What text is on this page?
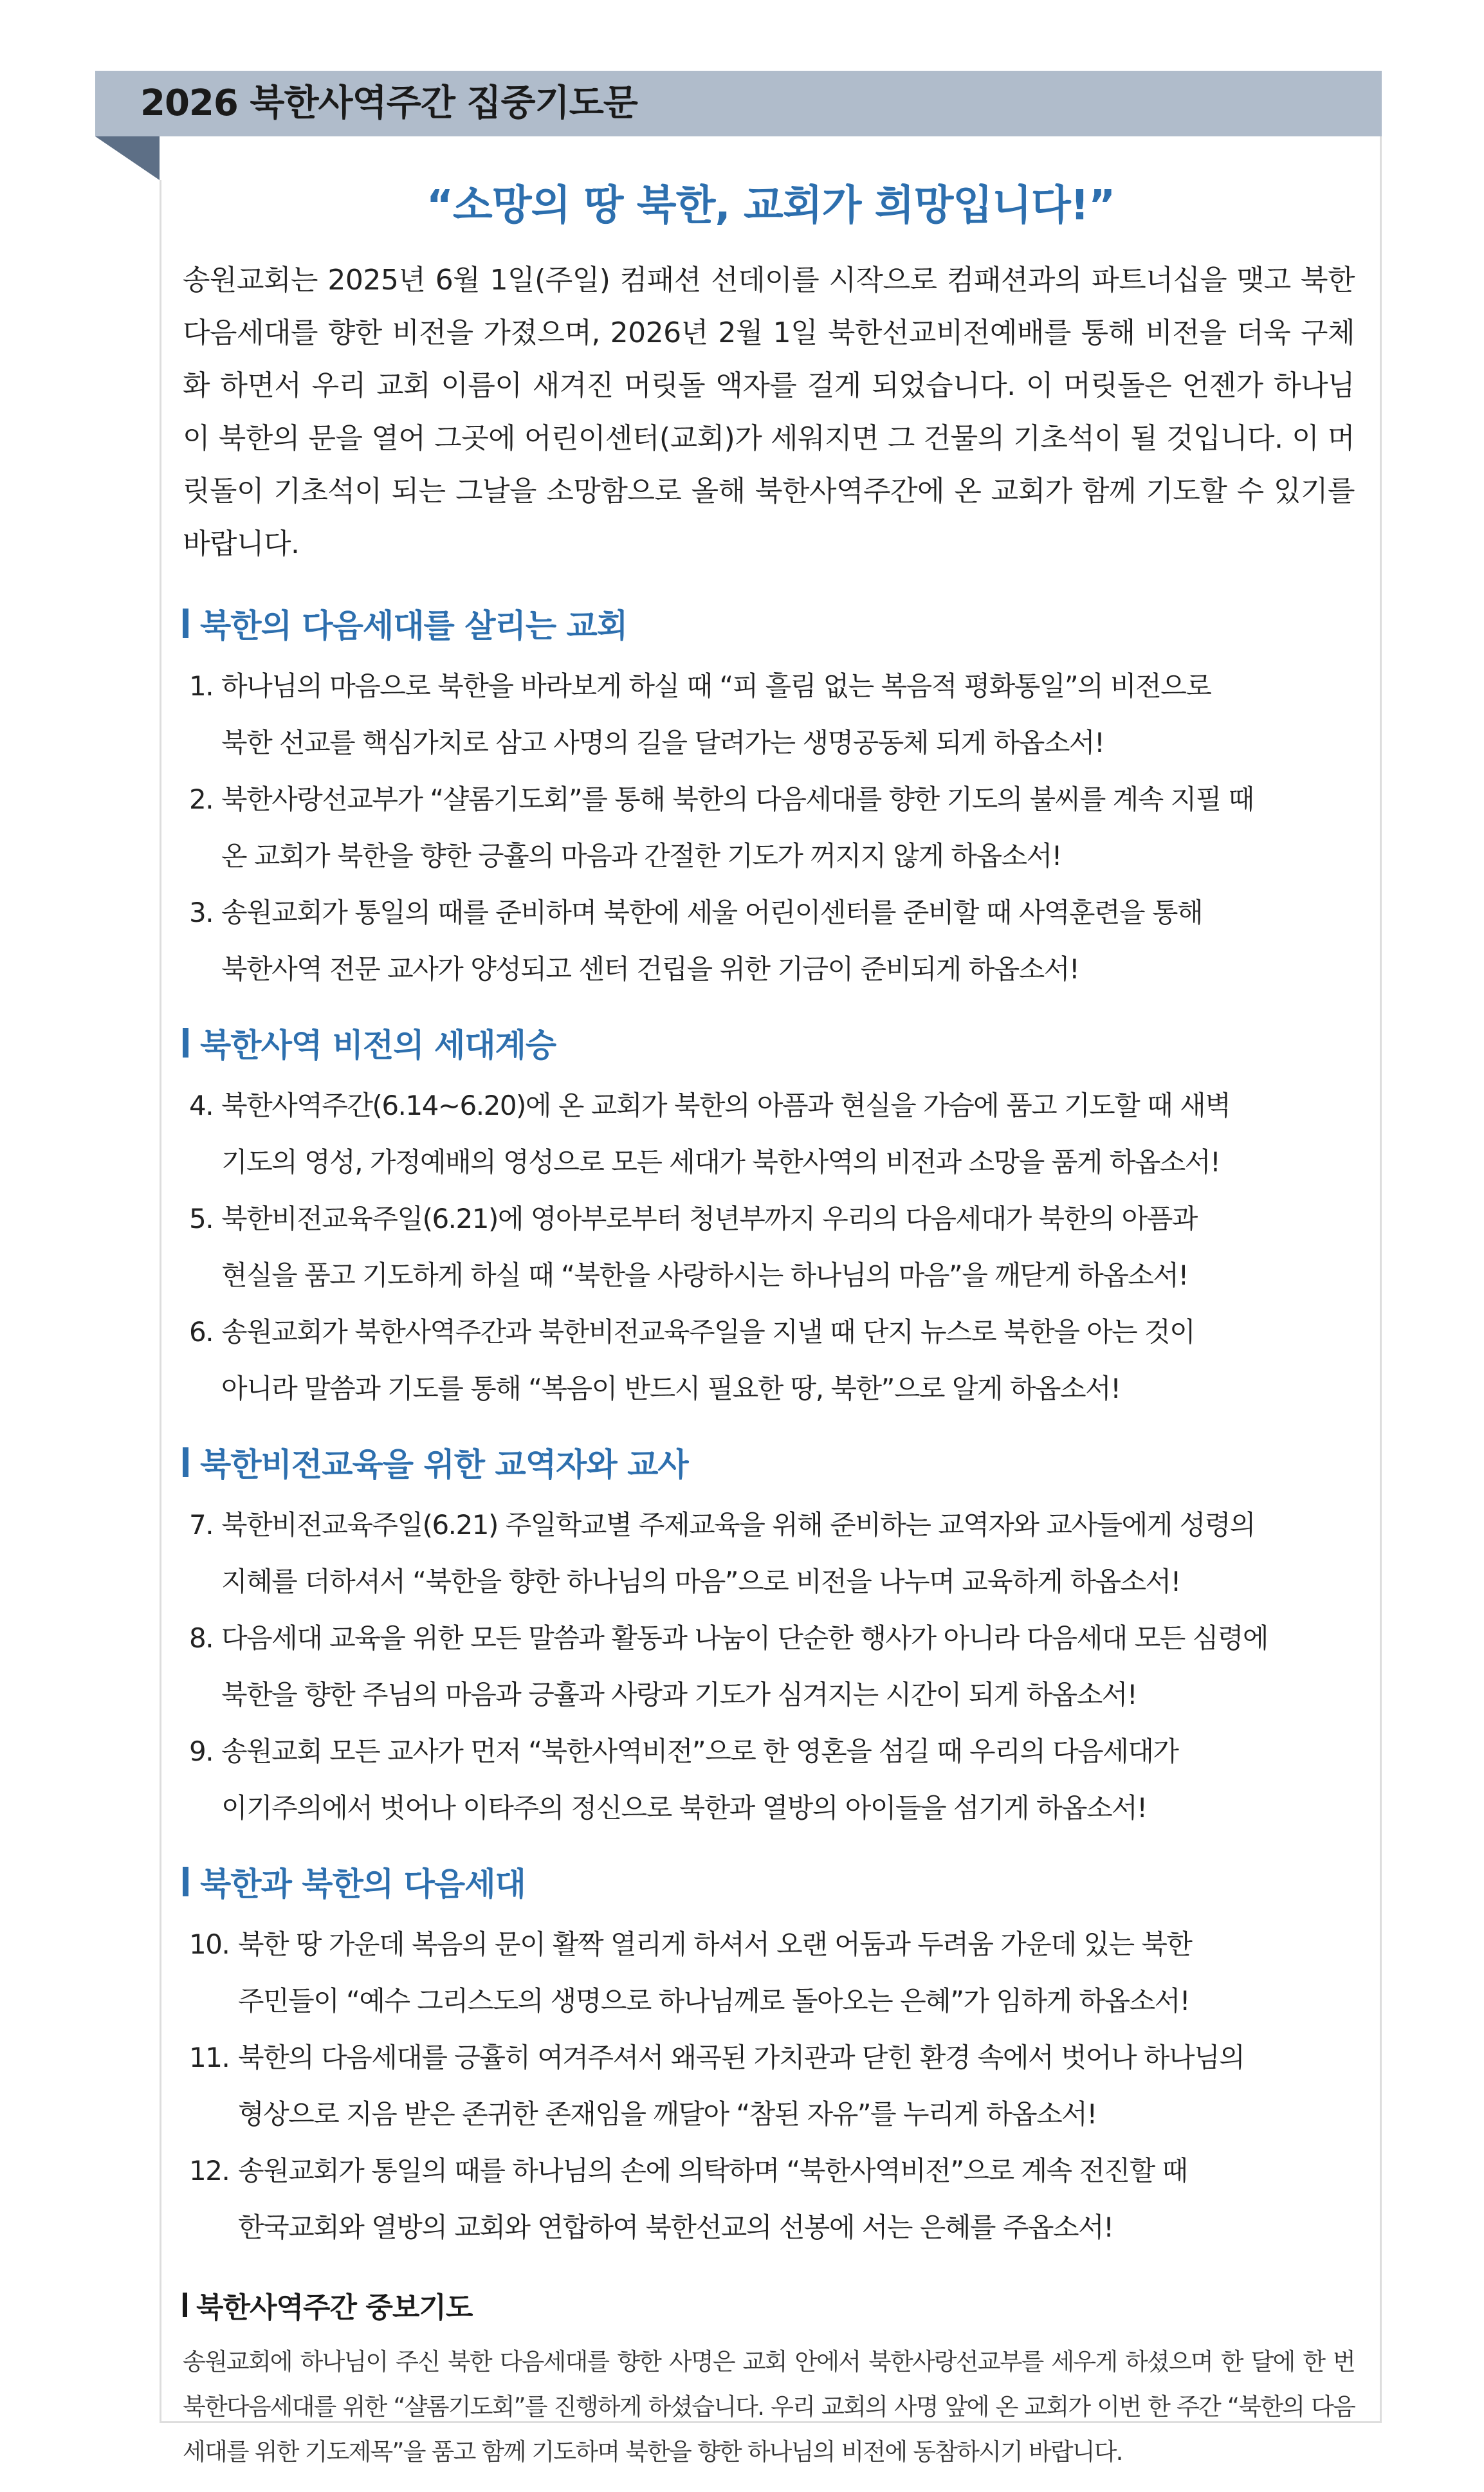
2026 북한사역주간 집중기도문
“소망의 땅 북한, 교회가 희망입니다!”

송원교회는 2025년 6월 1일(주일) 컴패션 선데이를 시작으로 컴패션과의 파트너십을 맺고 북한다음세대를 향한 비전을 가졌으며, 2026년 2월 1일 북한선교비전예배를 통해 비전을 더욱 구체화 하면서 우리 교회 이름이 새겨진 머릿돌 액자를 걸게 되었습니다. 이 머릿돌은 언젠가 하나님이 북한의 문을 열어 그곳에 어린이센터(교회)가 세워지면 그 건물의 기초석이 될 것입니다. 이 머릿돌이 기초석이 되는 그날을 소망함으로 올해 북한사역주간에 온 교회가 함께 기도할 수 있기를 바랍니다.

북한의 다음세대를 살리는 교회
1. 하나님의 마음으로 북한을 바라보게 하실 때 “피 흘림 없는 복음적 평화통일”의 비전으로
북한 선교를 핵심가치로 삼고 사명의 길을 달려가는 생명공동체 되게 하옵소서!
2. 북한사랑선교부가 “샬롬기도회”를 통해 북한의 다음세대를 향한 기도의 불씨를 계속 지필 때
온 교회가 북한을 향한 긍휼의 마음과 간절한 기도가 꺼지지 않게 하옵소서!
3. 송원교회가 통일의 때를 준비하며 북한에 세울 어린이센터를 준비할 때 사역훈련을 통해
북한사역 전문 교사가 양성되고 센터 건립을 위한 기금이 준비되게 하옵소서!
북한사역 비전의 세대계승
4. 북한사역주간(6.14~6.20)에 온 교회가 북한의 아픔과 현실을 가슴에 품고 기도할 때 새벽
기도의 영성, 가정예배의 영성으로 모든 세대가 북한사역의 비전과 소망을 품게 하옵소서!
5. 북한비전교육주일(6.21)에 영아부로부터 청년부까지 우리의 다음세대가 북한의 아픔과
현실을 품고 기도하게 하실 때 “북한을 사랑하시는 하나님의 마음”을 깨닫게 하옵소서!
6. 송원교회가 북한사역주간과 북한비전교육주일을 지낼 때 단지 뉴스로 북한을 아는 것이
아니라 말씀과 기도를 통해 “복음이 반드시 필요한 땅, 북한”으로 알게 하옵소서!
북한비전교육을 위한 교역자와 교사
7. 북한비전교육주일(6.21) 주일학교별 주제교육을 위해 준비하는 교역자와 교사들에게 성령의
지혜를 더하셔서 “북한을 향한 하나님의 마음”으로 비전을 나누며 교육하게 하옵소서!
8. 다음세대 교육을 위한 모든 말씀과 활동과 나눔이 단순한 행사가 아니라 다음세대 모든 심령에
북한을 향한 주님의 마음과 긍휼과 사랑과 기도가 심겨지는 시간이 되게 하옵소서!
9. 송원교회 모든 교사가 먼저 “북한사역비전”으로 한 영혼을 섬길 때 우리의 다음세대가
이기주의에서 벗어나 이타주의 정신으로 북한과 열방의 아이들을 섬기게 하옵소서!
북한과 북한의 다음세대
10. 북한 땅 가운데 복음의 문이 활짝 열리게 하셔서 오랜 어둠과 두려움 가운데 있는 북한
주민들이 “예수 그리스도의 생명으로 하나님께로 돌아오는 은혜”가 임하게 하옵소서!
11. 북한의 다음세대를 긍휼히 여겨주셔서 왜곡된 가치관과 닫힌 환경 속에서 벗어나 하나님의
형상으로 지음 받은 존귀한 존재임을 깨달아 “참된 자유”를 누리게 하옵소서!
12. 송원교회가 통일의 때를 하나님의 손에 의탁하며 “북한사역비전”으로 계속 전진할 때
한국교회와 열방의 교회와 연합하여 북한선교의 선봉에 서는 은혜를 주옵소서!
북한사역주간 중보기도

송원교회에 하나님이 주신 북한 다음세대를 향한 사명은 교회 안에서 북한사랑선교부를 세우게 하셨으며 한 달에 한 번 북한다음세대를 위한 “샬롬기도회”를 진행하게 하셨습니다. 우리 교회의 사명 앞에 온 교회가 이번 한 주간 “북한의 다음세대를 위한 기도제목”을 품고 함께 기도하며 북한을 향한 하나님의 비전에 동참하시기 바랍니다.
